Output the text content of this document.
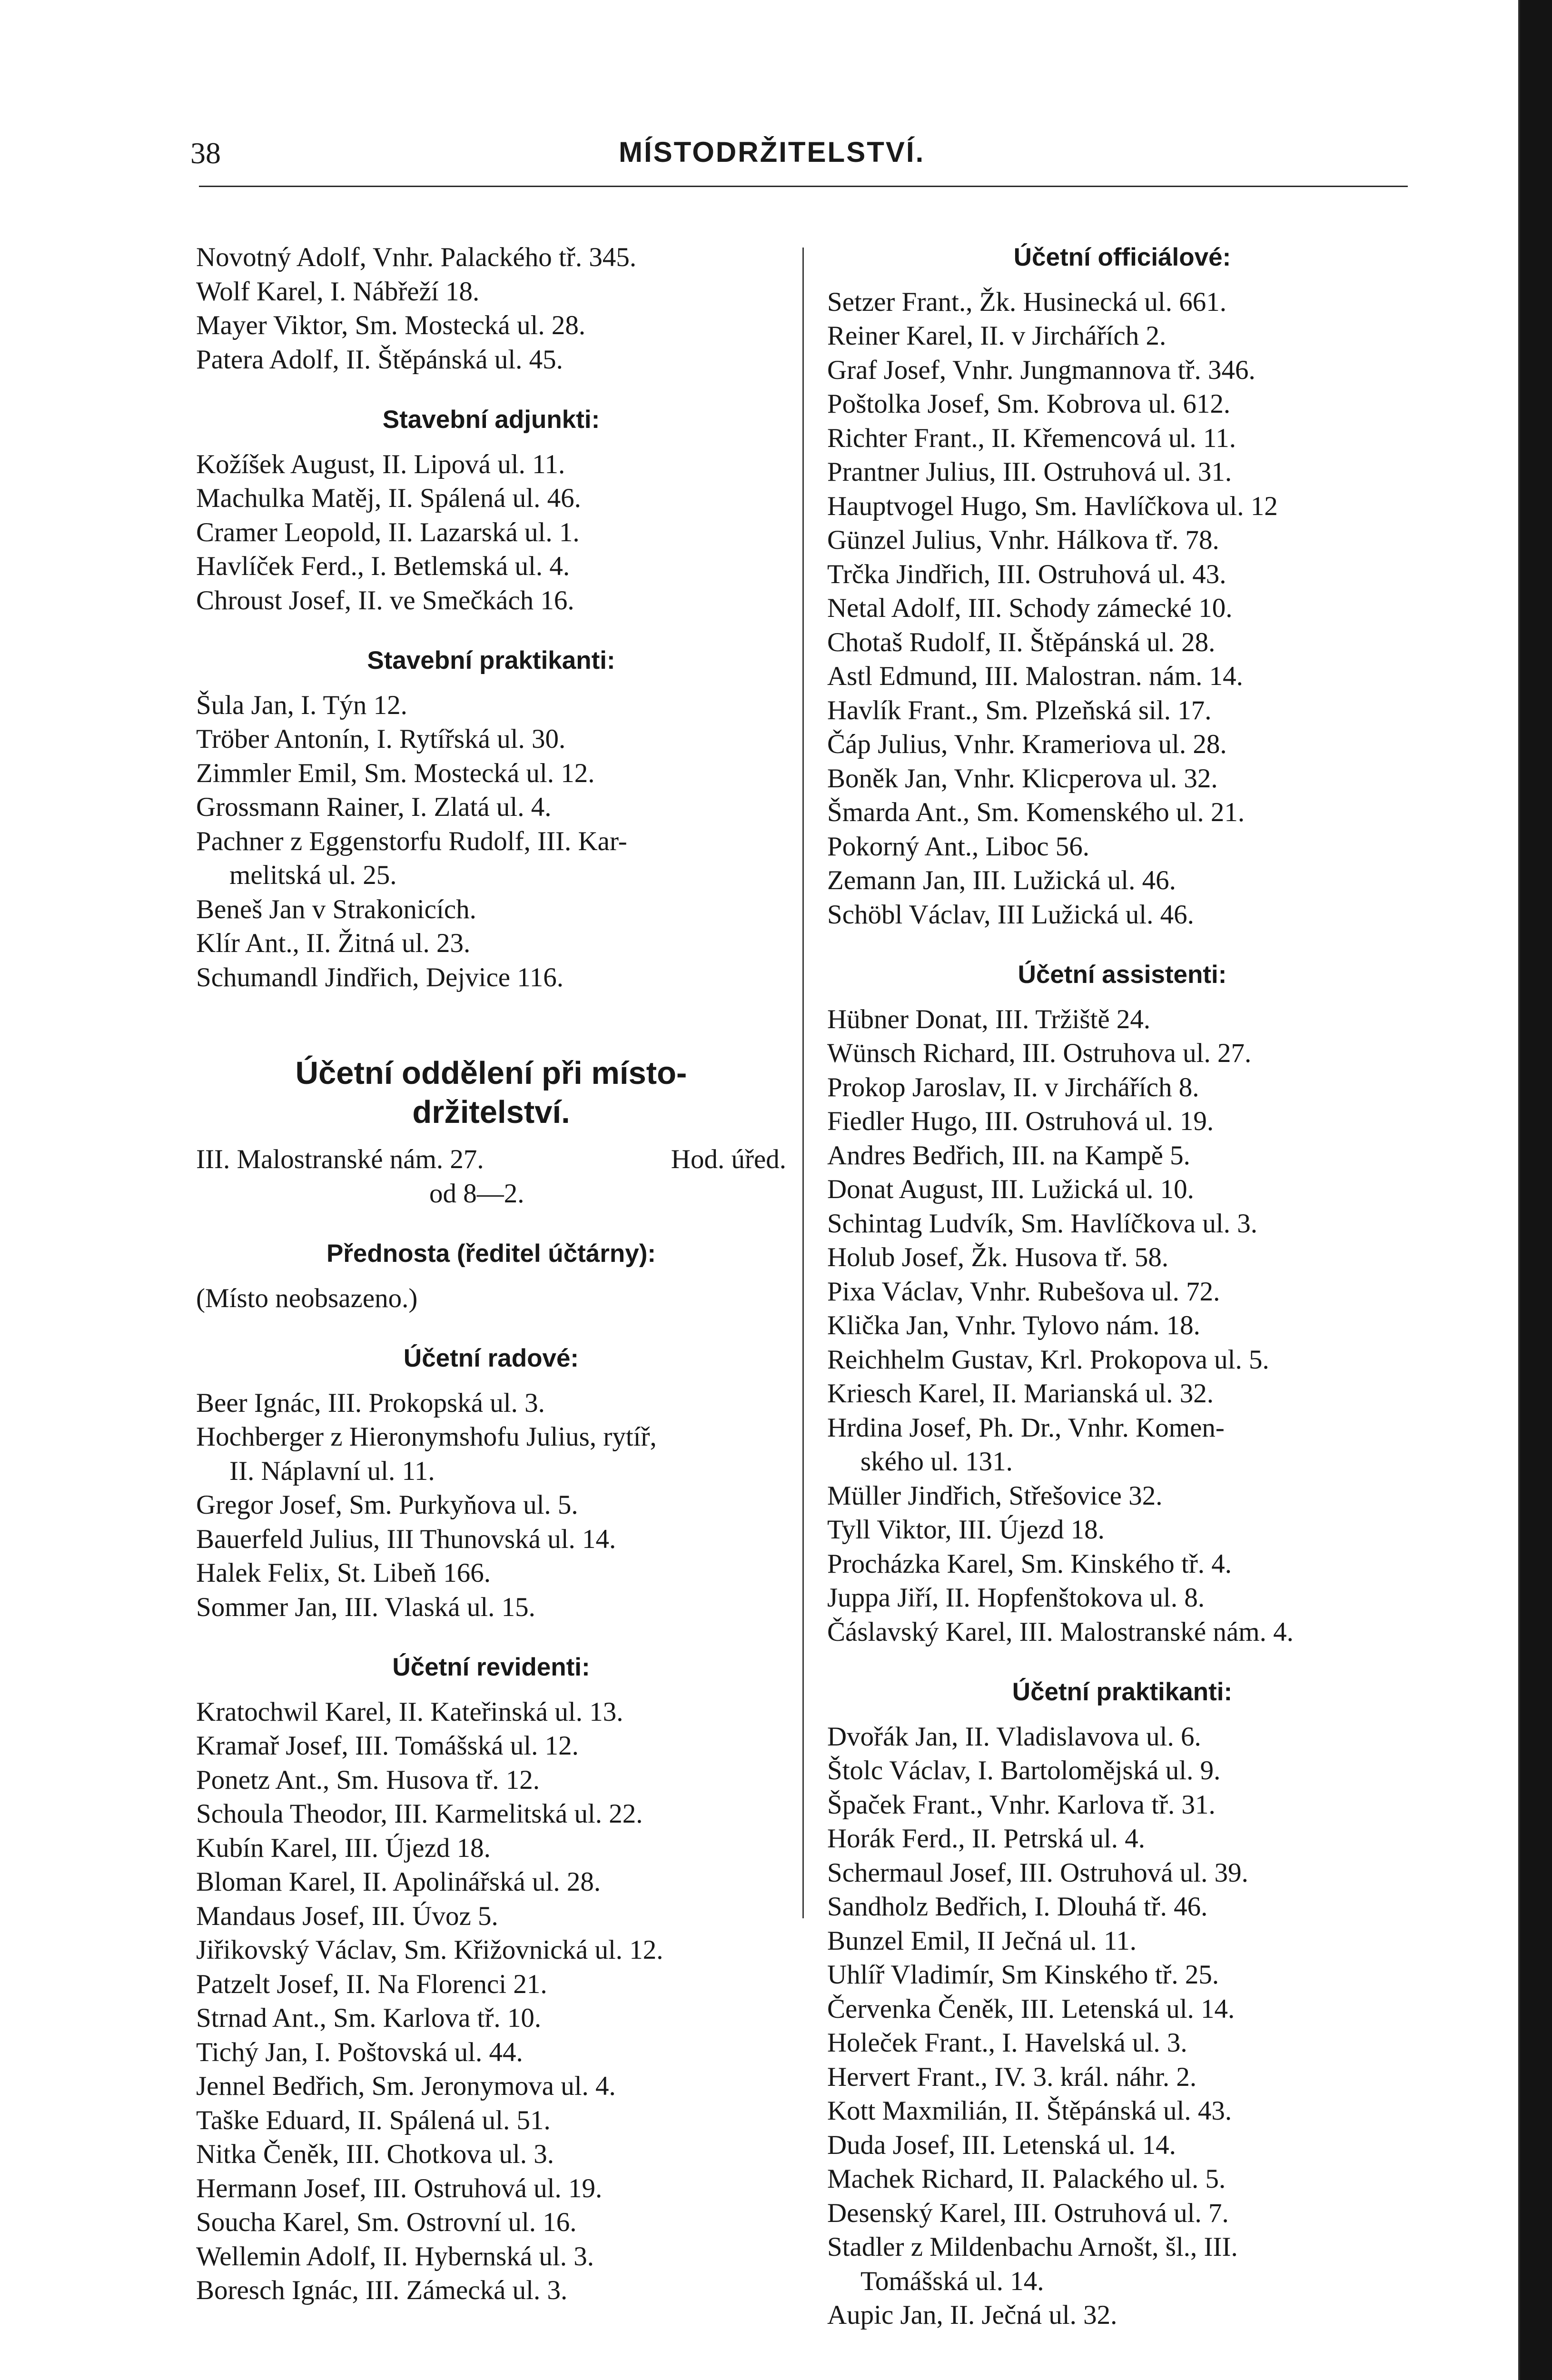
38	MÍSTODRŽITELSTVÍ.
Novotný Adolf, Vnhr. Palackého tř. 345.
Wolf Karel, I. Nábřeží 18.
Mayer Viktor, Sm. Mostecká ul. 28.
Patera Adolf, II. Štěpánská ul. 45.
Stavební adjunkti:
Kožíšek August, II. Lipová ul. 11.
Machulka Matěj, II. Spálená ul. 46.
Cramer Leopold, II. Lazarská ul. 1.
Havlíček Ferd., I. Betlemská ul. 4.
Chroust Josef, II. ve Smečkách 16.
Stavební praktikanti:
Šula Jan, I. Týn 12.
Tröber Antonín, I. Rytířská ul. 30.
Zimmler Emil, Sm. Mostecká ul. 12.
Grossmann Rainer, I. Zlatá ul. 4.
Pachner z Eggenstorfu Rudolf, III. Kar-
melitská ul. 25.
Beneš Jan v Strakonicích.
Klír Ant., II. Žitná ul. 23.
Schumandl Jindřich, Dejvice 116.
Účetní oddělení při místo-
držitelství.
III. Malostranské nám. 27.	Hod. úřed.
od 8—2.
Přednosta (ředitel účtárny):
(Místo neobsazeno.)
Účetní radové:
Beer Ignác, III. Prokopská ul. 3.
Hochberger z Hieronymshofu Julius, rytíř,
II. Náplavní ul. 11.
Gregor Josef, Sm. Purkyňova ul. 5.
Bauerfeld Julius, III Thunovská ul. 14.
Halek Felix, St. Libeň 166.
Sommer Jan, III. Vlaská ul. 15.
Účetní revidenti:
Kratochwil Karel, II. Kateřinská ul. 13.
Kramař Josef, III. Tomášská ul. 12.
Ponetz Ant., Sm. Husova tř. 12.
Schoula Theodor, III. Karmelitská ul. 22.
Kubín Karel, III. Újezd 18.
Bloman Karel, II. Apolinářská ul. 28.
Mandaus Josef, III. Úvoz 5.
Jiřikovský Václav, Sm. Křižovnická ul. 12.
Patzelt Josef, II. Na Florenci 21.
Strnad Ant., Sm. Karlova tř. 10.
Tichý Jan, I. Poštovská ul. 44.
Jennel Bedřich, Sm. Jeronymova ul. 4.
Taške Eduard, II. Spálená ul. 51.
Nitka Čeněk, III. Chotkova ul. 3.
Hermann Josef, III. Ostruhová ul. 19.
Soucha Karel, Sm. Ostrovní ul. 16.
Wellemin Adolf, II. Hybernská ul. 3.
Boresch Ignác, III. Zámecká ul. 3.
Účetní officiálové:
Setzer Frant., Žk. Husinecká ul. 661.
Reiner Karel, II. v Jirchářích 2.
Graf Josef, Vnhr. Jungmannova tř. 346.
Poštolka Josef, Sm. Kobrova ul. 612.
Richter Frant., II. Křemencová ul. 11.
Prantner Julius, III. Ostruhová ul. 31.
Hauptvogel Hugo, Sm. Havlíčkova ul. 12
Günzel Julius, Vnhr. Hálkova tř. 78.
Trčka Jindřich, III. Ostruhová ul. 43.
Netal Adolf, III. Schody zámecké 10.
Chotaš Rudolf, II. Štěpánská ul. 28.
Astl Edmund, III. Malostran. nám. 14.
Havlík Frant., Sm. Plzeňská sil. 17.
Čáp Julius, Vnhr. Krameriova ul. 28.
Boněk Jan, Vnhr. Klicperova ul. 32.
Šmarda Ant., Sm. Komenského ul. 21.
Pokorný Ant., Liboc 56.
Zemann Jan, III. Lužická ul. 46.
Schöbl Václav, III Lužická ul. 46.
Účetní assistenti:
Hübner Donat, III. Tržiště 24.
Wünsch Richard, III. Ostruhova ul. 27.
Prokop Jaroslav, II. v Jirchářích 8.
Fiedler Hugo, III. Ostruhová ul. 19.
Andres Bedřich, III. na Kampě 5.
Donat August, III. Lužická ul. 10.
Schintag Ludvík, Sm. Havlíčkova ul. 3.
Holub Josef, Žk. Husova tř. 58.
Pixa Václav, Vnhr. Rubešova ul. 72.
Klička Jan, Vnhr. Tylovo nám. 18.
Reichhelm Gustav, Krl. Prokopova ul. 5.
Kriesch Karel, II. Marianská ul. 32.
Hrdina Josef, Ph. Dr., Vnhr. Komen-
ského ul. 131.
Müller Jindřich, Střešovice 32.
Tyll Viktor, III. Újezd 18.
Procházka Karel, Sm. Kinského tř. 4.
Juppa Jiří, II. Hopfenštokova ul. 8.
Čáslavský Karel, III. Malostranské nám. 4.
Účetní praktikanti:
Dvořák Jan, II. Vladislavova ul. 6.
Štolc Václav, I. Bartolomějská ul. 9.
Špaček Frant., Vnhr. Karlova tř. 31.
Horák Ferd., II. Petrská ul. 4.
Schermaul Josef, III. Ostruhová ul. 39.
Sandholz Bedřich, I. Dlouhá tř. 46.
Bunzel Emil, II Ječná ul. 11.
Uhlíř Vladimír, Sm Kinského tř. 25.
Červenka Čeněk, III. Letenská ul. 14.
Holeček Frant., I. Havelská ul. 3.
Hervert Frant., IV. 3. král. náhr. 2.
Kott Maxmilián, II. Štěpánská ul. 43.
Duda Josef, III. Letenská ul. 14.
Machek Richard, II. Palackého ul. 5.
Desenský Karel, III. Ostruhová ul. 7.
Stadler z Mildenbachu Arnošt, šl., III.
Tomášská ul. 14.
Aupic Jan, II. Ječná ul. 32.
